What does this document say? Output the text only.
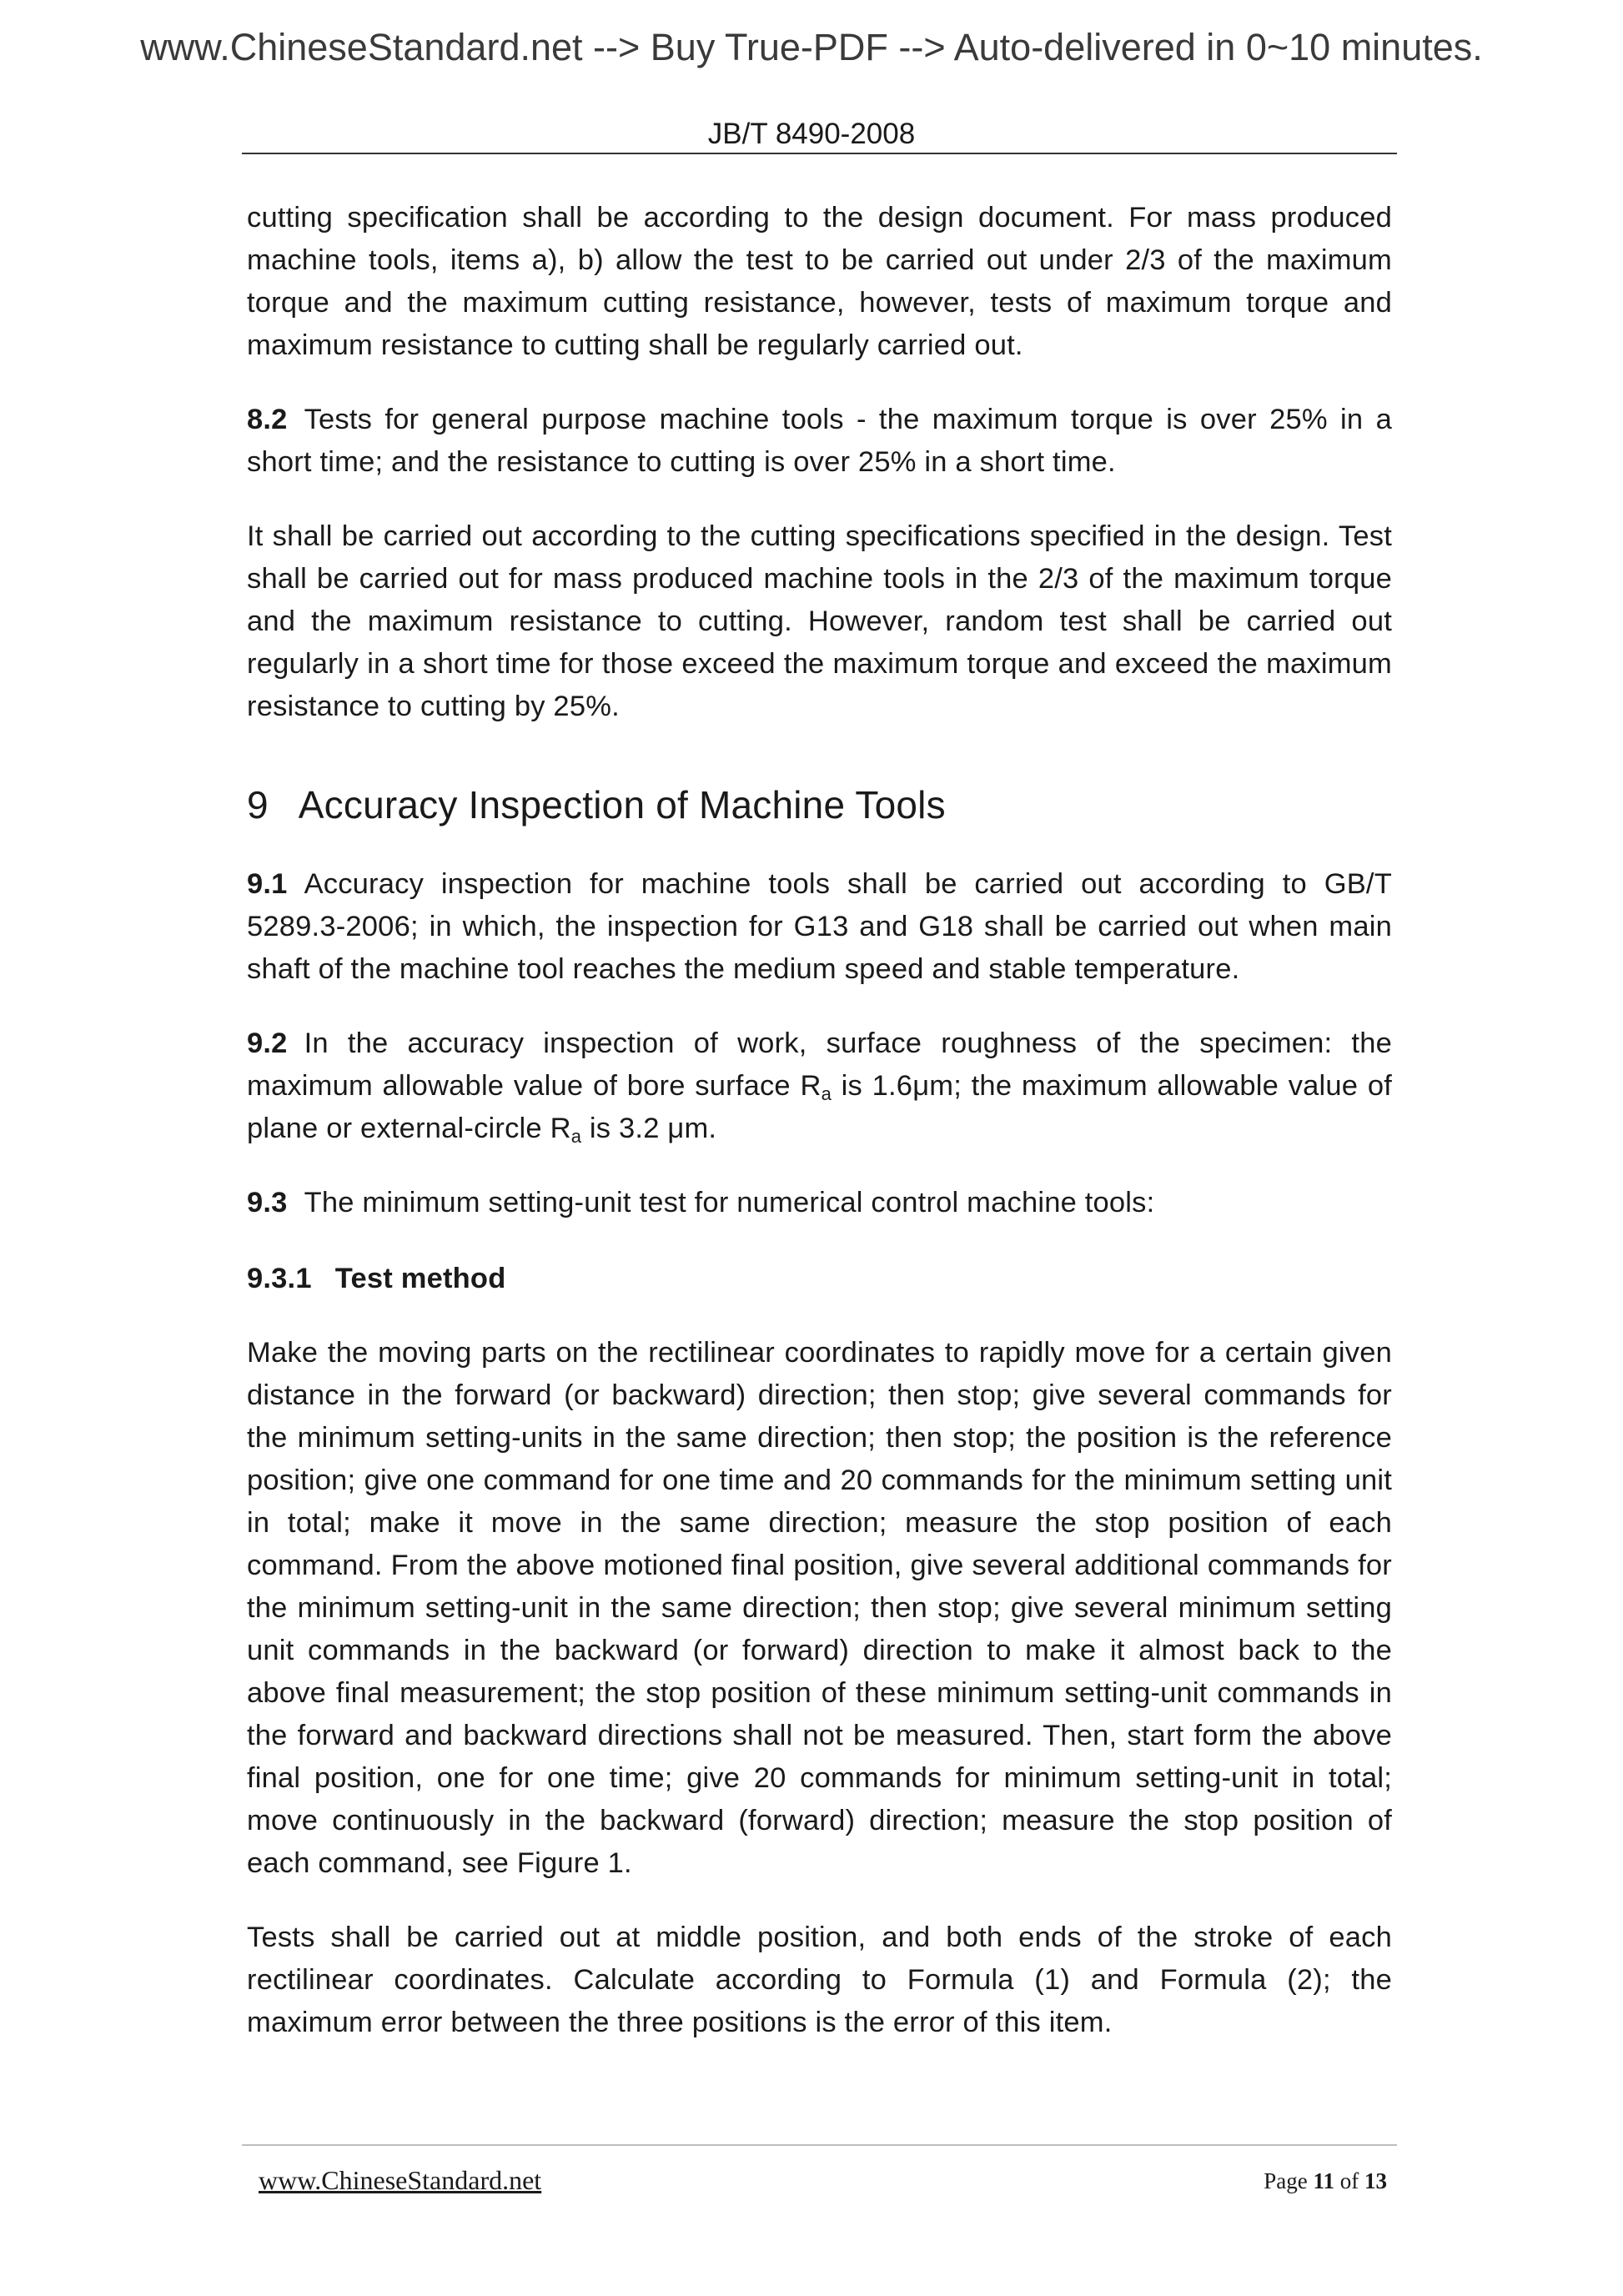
www.ChineseStandard.net --> Buy True-PDF --> Auto-delivered in 0~10 minutes.
JB/T 8490-2008

cutting specification shall be according to the design document. For mass produced machine tools, items a), b) allow the test to be carried out under 2/3 of the maximum torque and the maximum cutting resistance, however, tests of maximum torque and maximum resistance to cutting shall be regularly carried out.

8.2 Tests for general purpose machine tools - the maximum torque is over 25% in a short time; and the resistance to cutting is over 25% in a short time.

It shall be carried out according to the cutting specifications specified in the design. Test shall be carried out for mass produced machine tools in the 2/3 of the maximum torque and the maximum resistance to cutting. However, random test shall be carried out regularly in a short time for those exceed the maximum torque and exceed the maximum resistance to cutting by 25%.

9 Accuracy Inspection of Machine Tools

9.1 Accuracy inspection for machine tools shall be carried out according to GB/T 5289.3-2006; in which, the inspection for G13 and G18 shall be carried out when main shaft of the machine tool reaches the medium speed and stable temperature.

9.2 In the accuracy inspection of work, surface roughness of the specimen: the maximum allowable value of bore surface $R_a$ is 1.6μm; the maximum allowable value of plane or external-circle $R_a$ is 3.2 μm.

9.3 The minimum setting-unit test for numerical control machine tools:

9.3.1 Test method

Make the moving parts on the rectilinear coordinates to rapidly move for a certain given distance in the forward (or backward) direction; then stop; give several commands for the minimum setting-units in the same direction; then stop; the position is the reference position; give one command for one time and 20 commands for the minimum setting unit in total; make it move in the same direction; measure the stop position of each command. From the above motioned final position, give several additional commands for the minimum setting-unit in the same direction; then stop; give several minimum setting unit commands in the backward (or forward) direction to make it almost back to the above final measurement; the stop position of these minimum setting-unit commands in the forward and backward directions shall not be measured. Then, start form the above final position, one for one time; give 20 commands for minimum setting-unit in total; move continuously in the backward (forward) direction; measure the stop position of each command, see Figure 1.

Tests shall be carried out at middle position, and both ends of the stroke of each rectilinear coordinates. Calculate according to Formula (1) and Formula (2); the maximum error between the three positions is the error of this item.

www.ChineseStandard.net	Page 11 of 13
